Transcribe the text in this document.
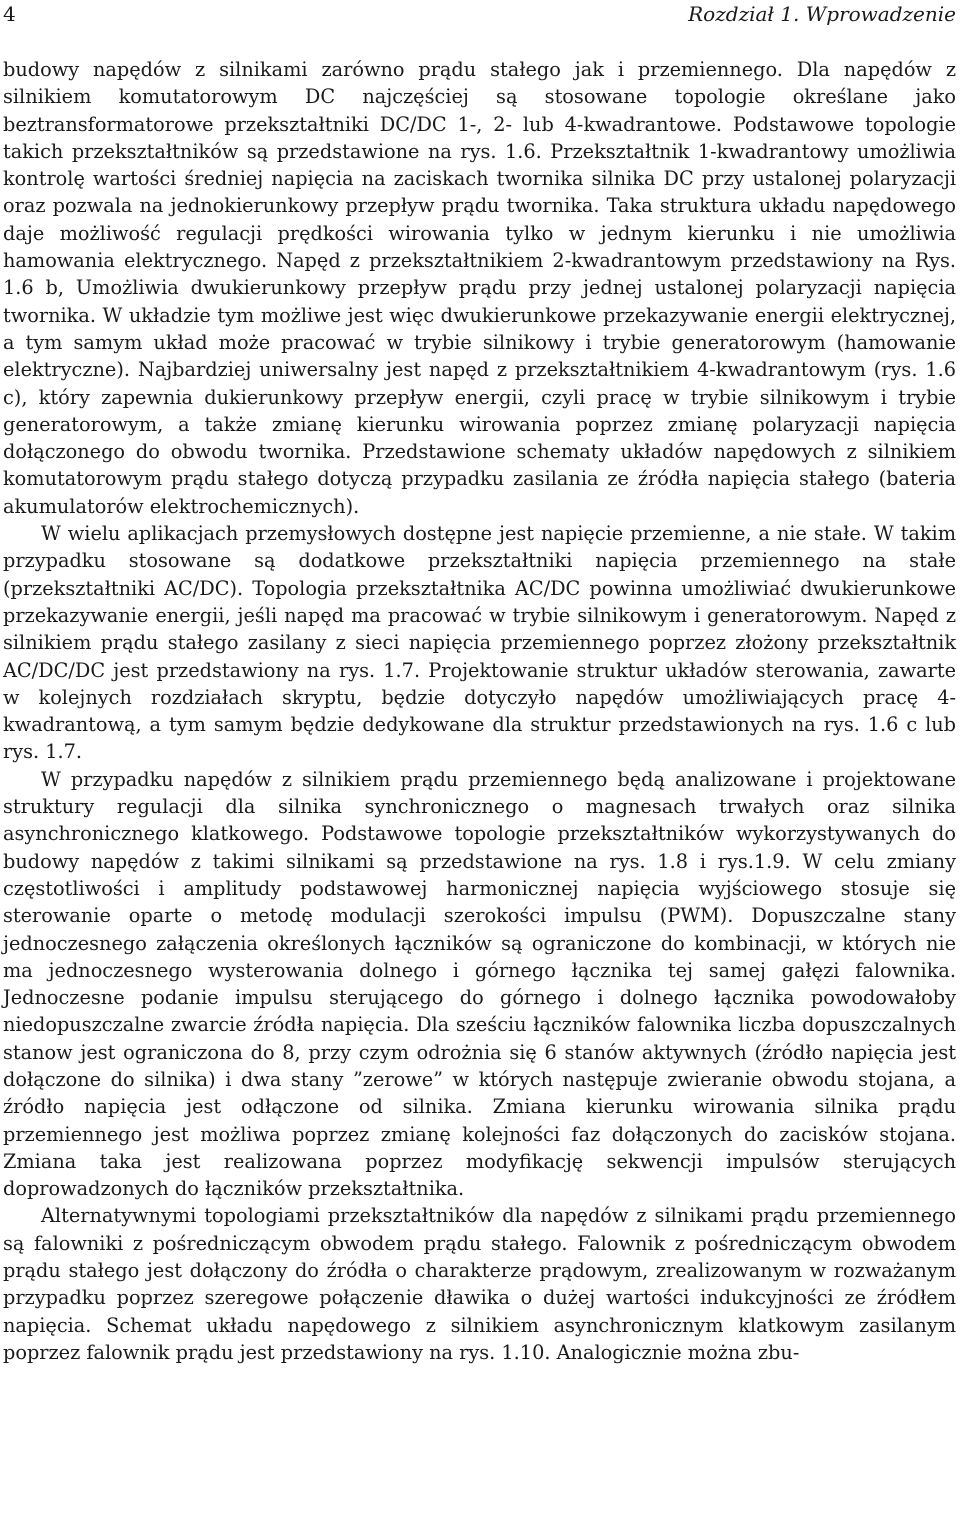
4	Rozdział 1. Wprowadzenie

budowy napędów z silnikami zarówno prądu stałego jak i przemiennego. Dla napędów z silnikiem komutatorowym DC najczęściej są stosowane topologie określane jako beztransformatorowe przekształtniki DC/DC 1-, 2- lub 4-kwadrantowe. Podstawowe topologie takich przekształtników są przedstawione na rys. 1.6. Przekształtnik 1-kwadrantowy umożliwia kontrolę wartości średniej napięcia na zaciskach twornika silnika DC przy ustalonej polaryzacji oraz pozwala na jednokierunkowy przepływ prądu twornika. Taka struktura układu napędowego daje możliwość regulacji prędkości wirowania tylko w jednym kierunku i nie umożliwia hamowania elektrycznego. Napęd z przekształtnikiem 2-kwadrantowym przedstawiony na Rys. 1.6 b, Umożliwia dwukierunkowy przepływ prądu przy jednej ustalonej polaryzacji napięcia twornika. W układzie tym możliwe jest więc dwukierunkowe przekazywanie energii elektrycznej, a tym samym układ może pracować w trybie silnikowy i trybie generatorowym (hamowanie elektryczne). Najbardziej uniwersalny jest napęd z przekształtnikiem 4-kwadrantowym (rys. 1.6 c), który zapewnia dukierunkowy przepływ energii, czyli pracę w trybie silnikowym i trybie generatorowym, a także zmianę kierunku wirowania poprzez zmianę polaryzacji napięcia dołączonego do obwodu twornika. Przedstawione schematy układów napędowych z silnikiem komutatorowym prądu stałego dotyczą przypadku zasilania ze źródła napięcia stałego (bateria akumulatorów elektrochemicznych).

W wielu aplikacjach przemysłowych dostępne jest napięcie przemienne, a nie stałe. W takim przypadku stosowane są dodatkowe przekształtniki napięcia przemiennego na stałe (przekształtniki AC/DC). Topologia przekształtnika AC/DC powinna umożliwiać dwukierunkowe przekazywanie energii, jeśli napęd ma pracować w trybie silnikowym i generatorowym. Napęd z silnikiem prądu stałego zasilany z sieci napięcia przemiennego poprzez złożony przekształtnik AC/DC/DC jest przedstawiony na rys. 1.7. Projektowanie struktur układów sterowania, zawarte w kolejnych rozdziałach skryptu, będzie dotyczyło napędów umożliwiających pracę 4-kwadrantową, a tym samym będzie dedykowane dla struktur przedstawionych na rys. 1.6 c lub rys. 1.7.

W przypadku napędów z silnikiem prądu przemiennego będą analizowane i projektowane struktury regulacji dla silnika synchronicznego o magnesach trwałych oraz silnika asynchronicznego klatkowego. Podstawowe topologie przekształtników wykorzystywanych do budowy napędów z takimi silnikami są przedstawione na rys. 1.8 i rys.1.9. W celu zmiany częstotliwości i amplitudy podstawowej harmonicznej napięcia wyjściowego stosuje się sterowanie oparte o metodę modulacji szerokości impulsu (PWM). Dopuszczalne stany jednoczesnego załączenia określonych łączników są ograniczone do kombinacji, w których nie ma jednoczesnego wysterowania dolnego i górnego łącznika tej samej gałęzi falownika. Jednoczesne podanie impulsu sterującego do górnego i dolnego łącznika powodowałoby niedopuszczalne zwarcie źródła napięcia. Dla sześciu łączników falownika liczba dopuszczalnych stanow jest ograniczona do 8, przy czym odrożnia się 6 stanów aktywnych (źródło napięcia jest dołączone do silnika) i dwa stany ”zerowe” w których następuje zwieranie obwodu stojana, a źródło napięcia jest odłączone od silnika. Zmiana kierunku wirowania silnika prądu przemiennego jest możliwa poprzez zmianę kolejności faz dołączonych do zacisków stojana. Zmiana taka jest realizowana poprzez modyfikację sekwencji impulsów sterujących doprowadzonych do łączników przekształtnika.

Alternatywnymi topologiami przekształtników dla napędów z silnikami prądu przemiennego są falowniki z pośredniczącym obwodem prądu stałego. Falownik z pośredniczącym obwodem prądu stałego jest dołączony do źródła o charakterze prądowym, zrealizowanym w rozważanym przypadku poprzez szeregowe połączenie dławika o dużej wartości indukcyjności ze źródłem napięcia. Schemat układu napędowego z silnikiem asynchronicznym klatkowym zasilanym poprzez falownik prądu jest przedstawiony na rys. 1.10. Analogicznie można zbu-
